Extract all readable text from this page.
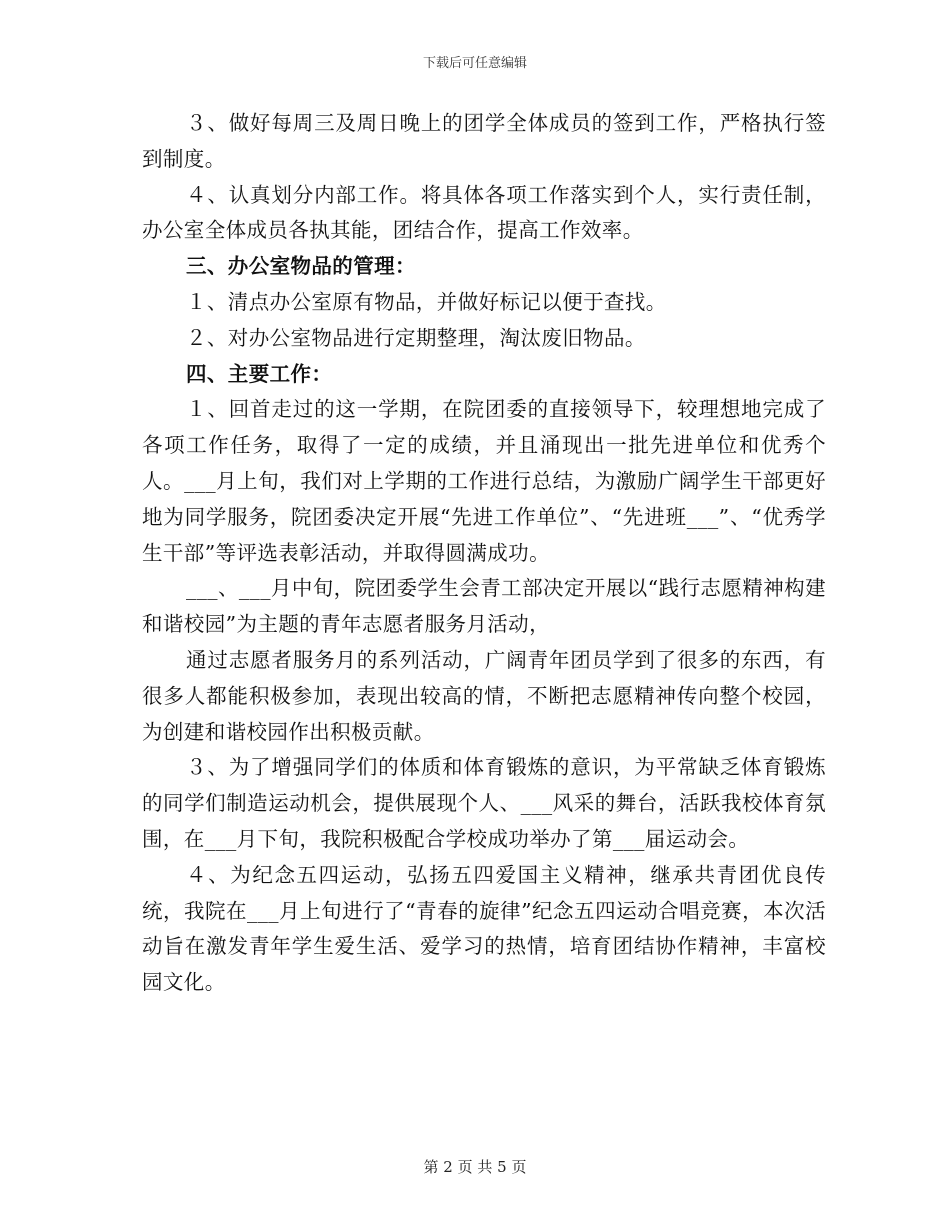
下载后可任意编辑

３、做好每周三及周日晚上的团学全体成员的签到工作，严格执行签到制度。

４、认真划分内部工作。将具体各项工作落实到个人，实行责任制，办公室全体成员各执其能，团结合作，提高工作效率。

三、办公室物品的管理：

１、清点办公室原有物品，并做好标记以便于查找。

２、对办公室物品进行定期整理，淘汰废旧物品。

四、主要工作：

１、回首走过的这一学期，在院团委的直接领导下，较理想地完成了各项工作任务，取得了一定的成绩，并且涌现出一批先进单位和优秀个人。___月上旬，我们对上学期的工作进行总结，为激励广阔学生干部更好地为同学服务，院团委决定开展“先进工作单位”、“先进班___”、“优秀学生干部”等评选表彰活动，并取得圆满成功。

___、___月中旬，院团委学生会青工部决定开展以“践行志愿精神构建和谐校园”为主题的青年志愿者服务月活动，

通过志愿者服务月的系列活动，广阔青年团员学到了很多的东西，有很多人都能积极参加，表现出较高的情，不断把志愿精神传向整个校园，为创建和谐校园作出积极贡献。

３、为了增强同学们的体质和体育锻炼的意识，为平常缺乏体育锻炼的同学们制造运动机会，提供展现个人、___风采的舞台，活跃我校体育氛围，在___月下旬，我院积极配合学校成功举办了第___届运动会。

４、为纪念五四运动，弘扬五四爱国主义精神，继承共青团优良传统，我院在___月上旬进行了“青春的旋律”纪念五四运动合唱竞赛，本次活动旨在激发青年学生爱生活、爱学习的热情，培育团结协作精神，丰富校园文化。

第 2 页 共 5 页
